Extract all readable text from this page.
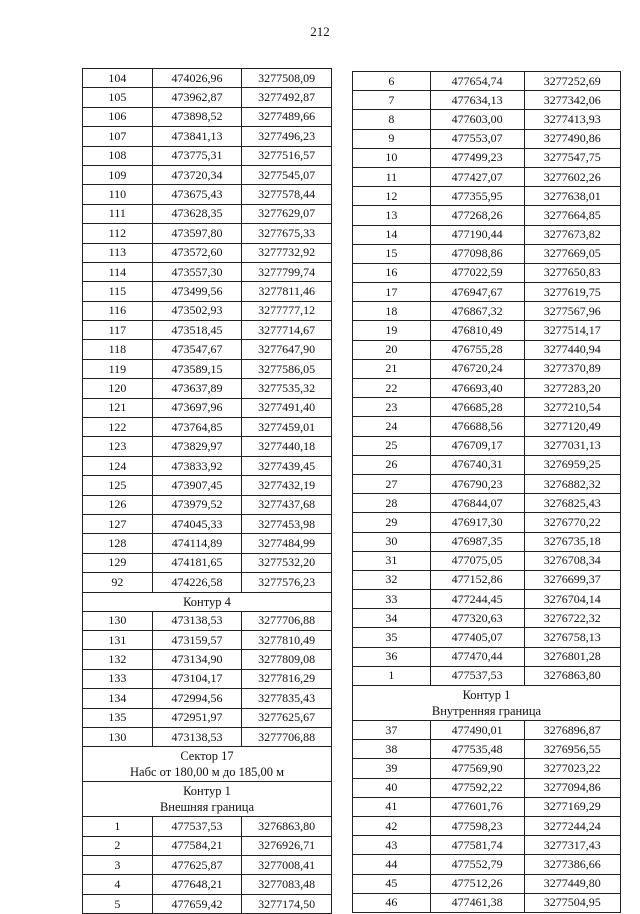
212
104	474026,96	3277508,09
105	473962,87	3277492,87
106	473898,52	3277489,66
107	473841,13	3277496,23
108	473775,31	3277516,57
109	473720,34	3277545,07
110	473675,43	3277578,44
111	473628,35	3277629,07
112	473597,80	3277675,33
113	473572,60	3277732,92
114	473557,30	3277799,74
115	473499,56	3277811,46
116	473502,93	3277777,12
117	473518,45	3277714,67
118	473547,67	3277647,90
119	473589,15	3277586,05
120	473637,89	3277535,32
121	473697,96	3277491,40
122	473764,85	3277459,01
123	473829,97	3277440,18
124	473833,92	3277439,45
125	473907,45	3277432,19
126	473979,52	3277437,68
127	474045,33	3277453,98
128	474114,89	3277484,99
129	474181,65	3277532,20
92	474226,58	3277576,23
Контур 4		
130	473138,53	3277706,88
131	473159,57	3277810,49
132	473134,90	3277809,08
133	473104,17	3277816,29
134	472994,56	3277835,43
135	472951,97	3277625,67
130	473138,53	3277706,88

Сектор 17
Набс от 180,00 м до 185,00 м		

Контур 1
Внешняя граница		

1	477537,53	3276863,80
2	477584,21	3276926,71
3	477625,87	3277008,41
4	477648,21	3277083,48
5	477659,42	3277174,50
6	477654,74	3277252,69
7	477634,13	3277342,06
8	477603,00	3277413,93
9	477553,07	3277490,86
10	477499,23	3277547,75
11	477427,07	3277602,26
12	477355,95	3277638,01
13	477268,26	3277664,85
14	477190,44	3277673,82
15	477098,86	3277669,05
16	477022,59	3277650,83
17	476947,67	3277619,75
18	476867,32	3277567,96
19	476810,49	3277514,17
20	476755,28	3277440,94
21	476720,24	3277370,89
22	476693,40	3277283,20
23	476685,28	3277210,54
24	476688,56	3277120,49
25	476709,17	3277031,13
26	476740,31	3276959,25
27	476790,23	3276882,32
28	476844,07	3276825,43
29	476917,30	3276770,22
30	476987,35	3276735,18
31	477075,05	3276708,34
32	477152,86	3276699,37
33	477244,45	3276704,14
34	477320,63	3276722,32
35	477405,07	3276758,13
36	477470,44	3276801,28
1	477537,53	3276863,80

Контур 1
Внутренняя граница		

37	477490,01	3276896,87
38	477535,48	3276956,55
39	477569,90	3277023,22
40	477592,22	3277094,86
41	477601,76	3277169,29
42	477598,23	3277244,24
43	477581,74	3277317,43
44	477552,79	3277386,66
45	477512,26	3277449,80
46	477461,38	3277504,95
